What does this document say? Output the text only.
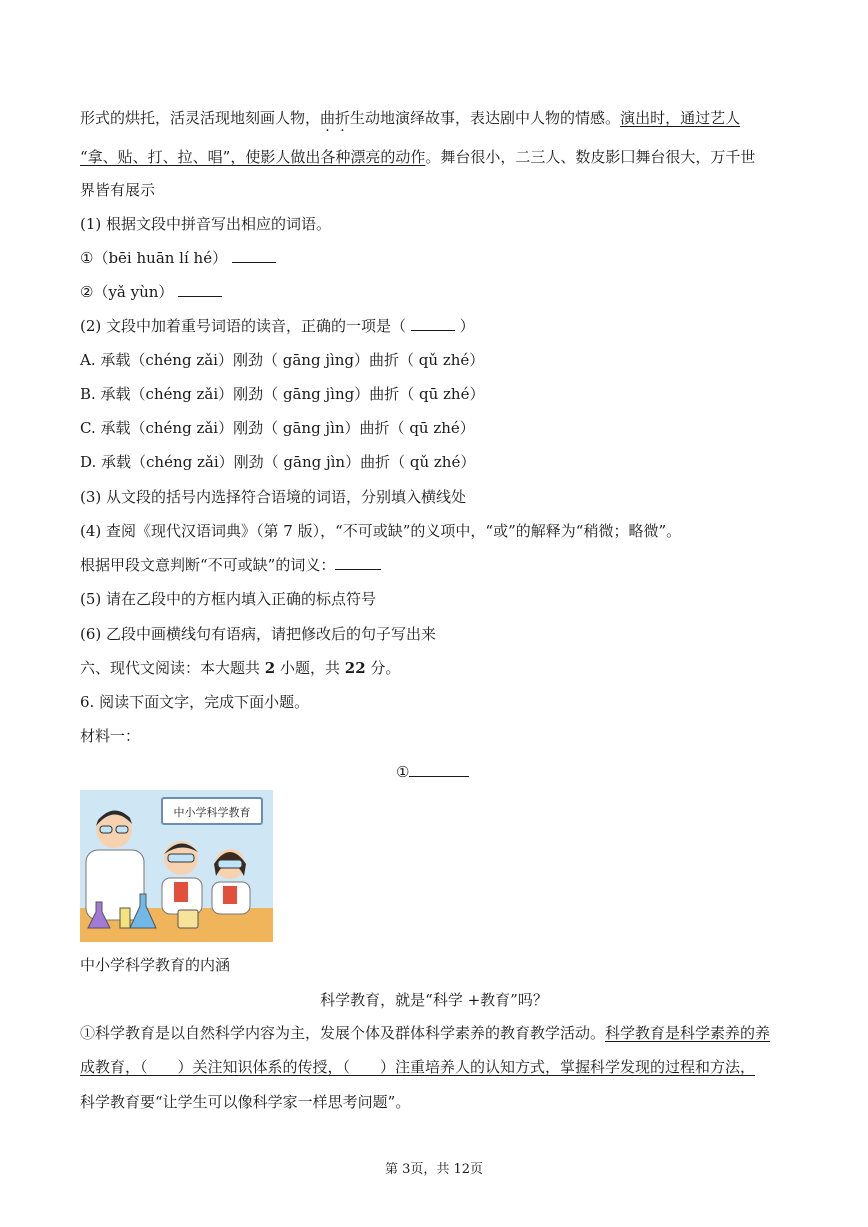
形式的烘托，活灵活现地刻画人物，曲折生动地演绎故事，表达剧中人物的情感。演出时，通过艺人
“拿、贴、打、拉、唱”，使影人做出各种漂亮的动作。舞台很小，二三人、数皮影囗舞台很大，万千世
界皆有展示
(1) 根据文段中拼音写出相应的词语。
①（bēi huān lí hé）
②（yǎ yùn）
(2) 文段中加着重号词语的读音，正确的一项是（	）
A. 承载（chéng zǎi）刚劲（ gāng jìng）曲折（ qǔ zhé）
B. 承载（chéng zǎi）刚劲（ gāng jìng）曲折（ qū zhé）
C. 承载（chéng zǎi）刚劲（ gāng jìn）曲折（ qū zhé）
D. 承载（chéng zǎi）刚劲（ gāng jìn）曲折（ qǔ zhé）
(3) 从文段的括号内选择符合语境的词语，分别填入横线处
(4) 查阅《现代汉语词典》（第 7 版），“不可或缺”的义项中，“或”的解释为“稍微；略微”。
根据甲段文意判断“不可或缺”的词义：
(5) 请在乙段中的方框内填入正确的标点符号
(6) 乙段中画横线句有语病，请把修改后的句子写出来
六、现代文阅读：本大题共 2 小题，共 22 分。
6. 阅读下面文字，完成下面小题。
材料一：
①
中小学科学教育
中小学科学教育的内涵
科学教育，就是“科学 +教育”吗？
①科学教育是以自然科学内容为主，发展个体及群体科学素养的教育教学活动。科学教育是科学素养的养
成教育，（　　）关注知识体系的传授，（　　）注重培养人的认知方式，掌握科学发现的过程和方法，
科学教育要“让学生可以像科学家一样思考问题”。
第 3页，共 12页
